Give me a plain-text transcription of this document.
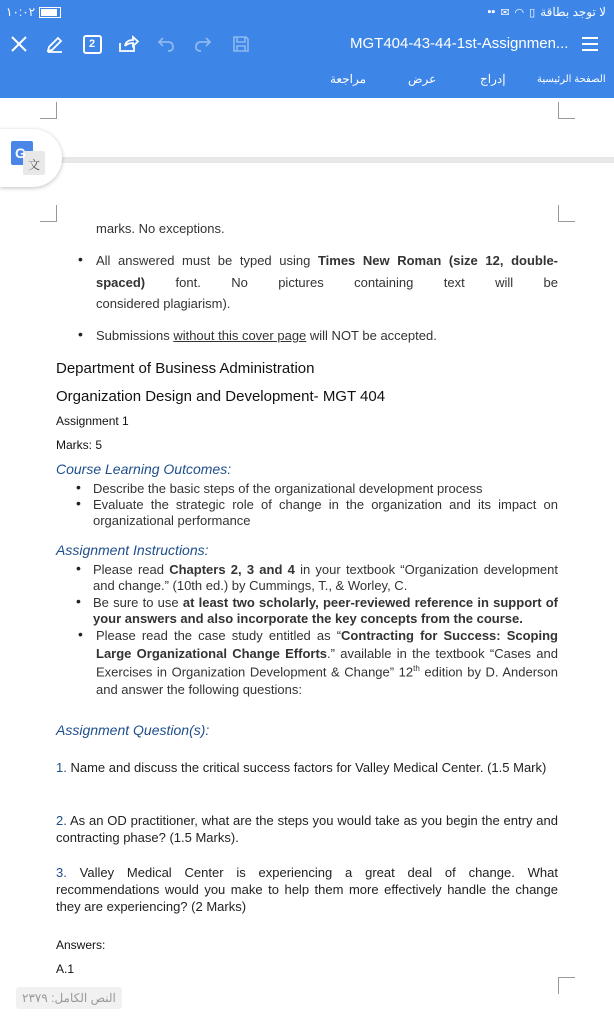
١٠:٠٢	لا توجد بطاقة
▯
◠
✉
▪▪
2	MGT404-43-44-1st-Assignmen...
الصفحة الرئيسية
إدراج
عرض
مراجعة
G
文
marks. No exceptions.
• All answered must be typed using Times New Roman (size 12, double-
spaced) font. No pictures containing text will be
considered plagiarism).
• Submissions without this cover page will NOT be accepted.
Department of Business Administration
Organization Design and Development- MGT 404
Assignment 1
Marks: 5
Course Learning Outcomes:
• Describe the basic steps of the organizational development process
• Evaluate the strategic role of change in the organization and its impact on
organizational performance
Assignment Instructions:
• Please read Chapters 2, 3 and 4 in your textbook “Organization development
and change.” (10th ed.) by Cummings, T., & Worley, C.
• Be sure to use at least two scholarly, peer-reviewed reference in support of
your answers and also incorporate the key concepts from the course.
• Please read the case study entitled as “Contracting for Success: Scoping
Large Organizational Change Efforts.” available in the textbook “Cases and
Exercises in Organization Development & Change” 12th edition by D. Anderson
and answer the following questions:
Assignment Question(s):
1. Name and discuss the critical success factors for Valley Medical Center. (1.5 Mark)
2. As an OD practitioner, what are the steps you would take as you begin the entry and contracting phase? (1.5 Marks).
3. Valley Medical Center is experiencing a great deal of change. What recommendations would you make to help them more effectively handle the change they are experiencing? (2 Marks)
Answers:
A.1
النص الكامل: ٢٣٧٩
